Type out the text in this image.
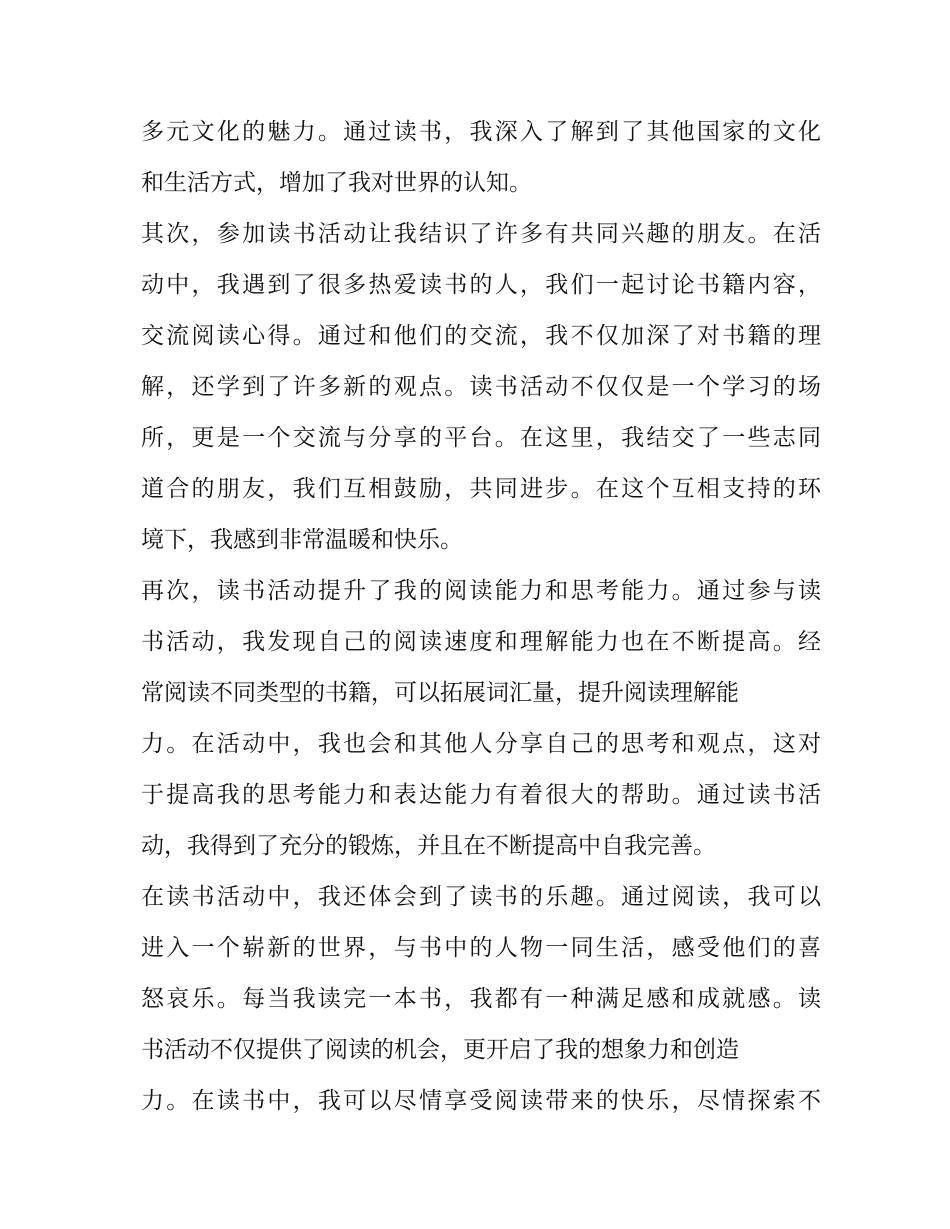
多元文化的魅力。通过读书，我深入了解到了其他国家的文化
和生活方式，增加了我对世界的认知。
其次，参加读书活动让我结识了许多有共同兴趣的朋友。在活
动中，我遇到了很多热爱读书的人，我们一起讨论书籍内容，
交流阅读心得。通过和他们的交流，我不仅加深了对书籍的理
解，还学到了许多新的观点。读书活动不仅仅是一个学习的场
所，更是一个交流与分享的平台。在这里，我结交了一些志同
道合的朋友，我们互相鼓励，共同进步。在这个互相支持的环
境下，我感到非常温暖和快乐。
再次，读书活动提升了我的阅读能力和思考能力。通过参与读
书活动，我发现自己的阅读速度和理解能力也在不断提高。经
常阅读不同类型的书籍，可以拓展词汇量，提升阅读理解能
力。在活动中，我也会和其他人分享自己的思考和观点，这对
于提高我的思考能力和表达能力有着很大的帮助。通过读书活
动，我得到了充分的锻炼，并且在不断提高中自我完善。
在读书活动中，我还体会到了读书的乐趣。通过阅读，我可以
进入一个崭新的世界，与书中的人物一同生活，感受他们的喜
怒哀乐。每当我读完一本书，我都有一种满足感和成就感。读
书活动不仅提供了阅读的机会，更开启了我的想象力和创造
力。在读书中，我可以尽情享受阅读带来的快乐，尽情探索不
